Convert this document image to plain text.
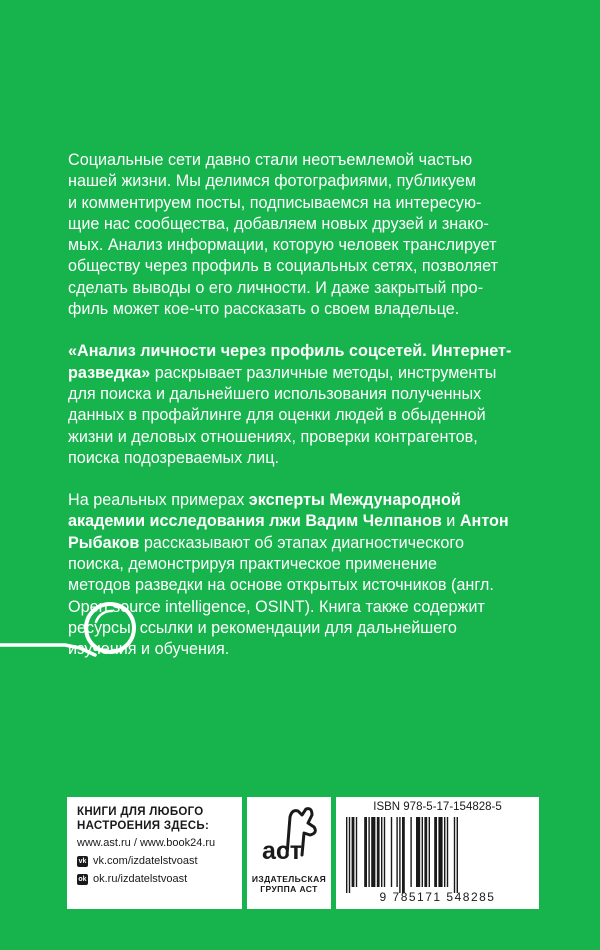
Социальные сети давно стали неотъемлемой частью
нашей жизни. Мы делимся фотографиями, публикуем
и комментируем посты, подписываемся на интересую-
щие нас сообщества, добавляем новых друзей и знако-
мых. Анализ информации, которую человек транслирует
обществу через профиль в социальных сетях, позволяет
сделать выводы о его личности. И даже закрытый про-
филь может кое-что рассказать о своем владельце.

«Анализ личности через профиль соцсетей. Интернет-
разведка» раскрывает различные методы, инструменты
для поиска и дальнейшего использования полученных
данных в профайлинге для оценки людей в обыденной
жизни и деловых отношениях, проверки контрагентов,
поиска подозреваемых лиц.

На реальных примерах эксперты Международной
академии исследования лжи Вадим Челпанов и Антон
Рыбаков рассказывают об этапах диагностического
поиска, демонстрируя практическое применение
методов разведки на основе открытых источников (англ.
Open source intelligence, OSINT). Книга также содержит
ресурсы, ссылки и рекомендации для дальнейшего
изучения и обучения.

КНИГИ ДЛЯ ЛЮБОГО
НАСТРОЕНИЯ ЗДЕСЬ:
www.ast.ru / www.book24.ru
vk vk.com/izdatelstvoast
ok ok.ru/izdatelstvoast
аст
ИЗДАТЕЛЬСКАЯ
ГРУППА АСТ
ISBN 978-5-17-154828-5
9 785171 548285
